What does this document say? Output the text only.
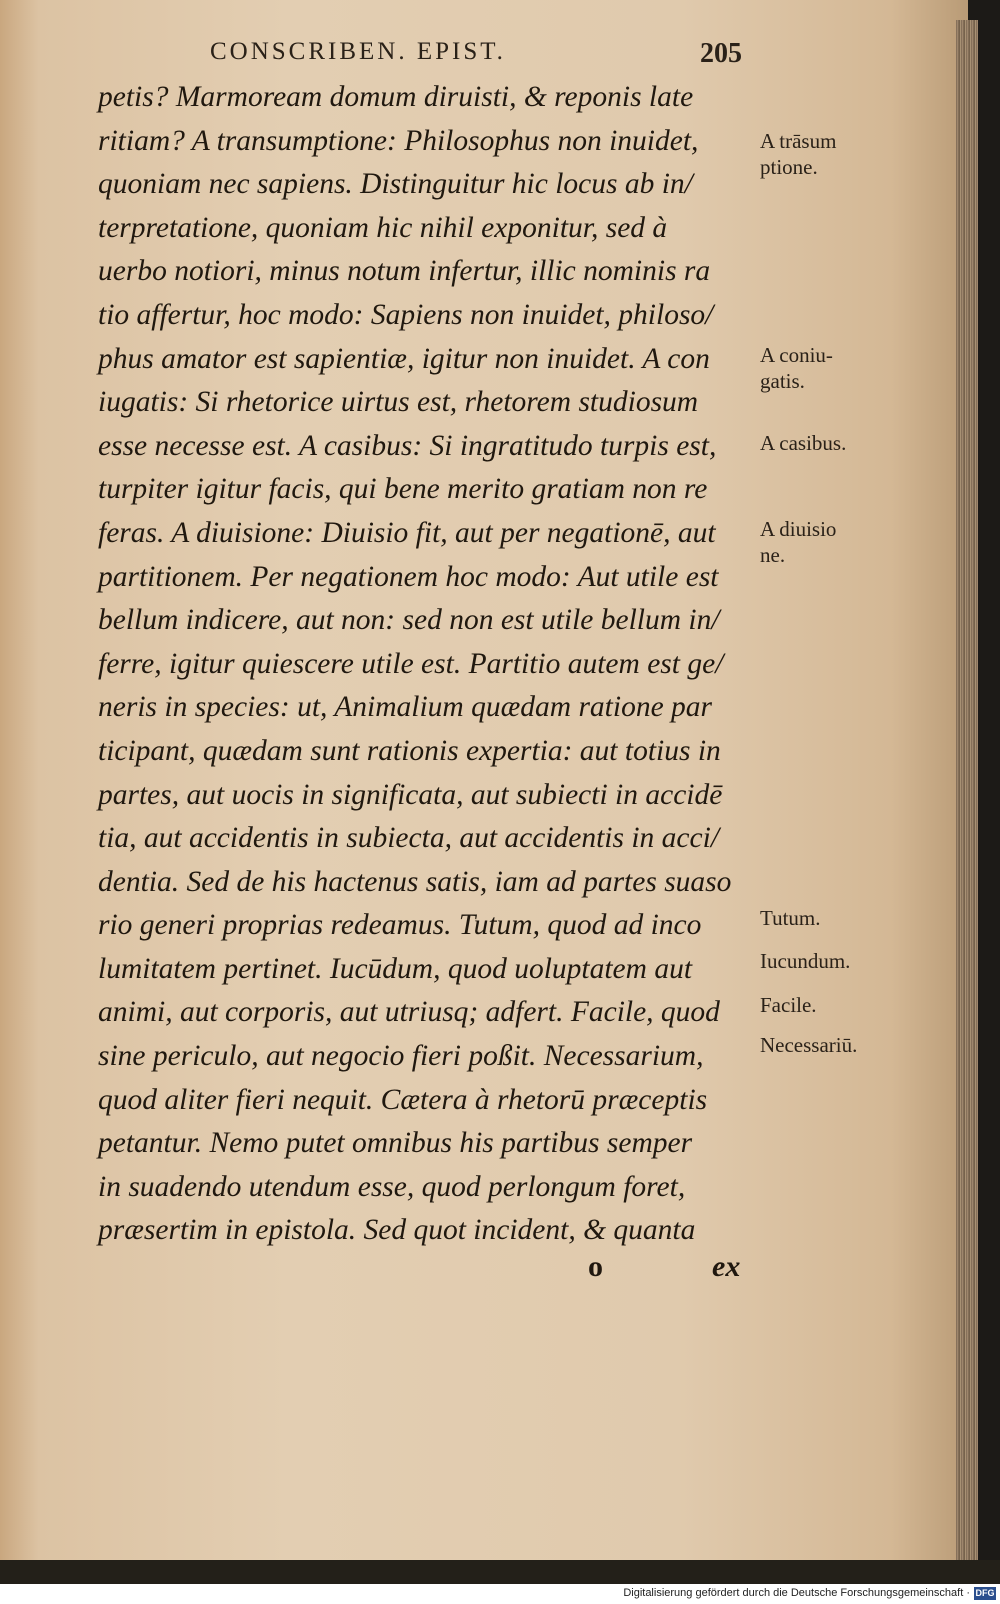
CONSCRIBEN. EPIST.	205
petis? Marmoream domum diruisti, & reponis late
ritiam? A transumptione: Philosophus non inuidet,
quoniam nec sapiens. Distinguitur hic locus ab in/
terpretatione, quoniam hic nihil exponitur, sed à
uerbo notiori, minus notum infertur, illic nominis ra
tio affertur, hoc modo: Sapiens non inuidet, philoso/
phus amator est sapientiæ, igitur non inuidet. A con
iugatis: Si rhetorice uirtus est, rhetorem studiosum
esse necesse est. A casibus: Si ingratitudo turpis est,
turpiter igitur facis, qui bene merito gratiam non re
feras. A diuisione: Diuisio fit, aut per negationē, aut
partitionem. Per negationem hoc modo: Aut utile est
bellum indicere, aut non: sed non est utile bellum in/
ferre, igitur quiescere utile est. Partitio autem est ge/
neris in species: ut, Animalium quædam ratione par
ticipant, quædam sunt rationis expertia: aut totius in
partes, aut uocis in significata, aut subiecti in accidē
tia, aut accidentis in subiecta, aut accidentis in acci/
dentia. Sed de his hactenus satis, iam ad partes suaso
rio generi proprias redeamus. Tutum, quod ad inco
lumitatem pertinet. Iucūdum, quod uoluptatem aut
animi, aut corporis, aut utriusq; adfert. Facile, quod
sine periculo, aut negocio fieri poßit. Necessarium,
quod aliter fieri nequit. Cætera à rhetorū præceptis
petantur. Nemo putet omnibus his partibus semper
in suadendo utendum esse, quod perlongum foret,
præsertim in epistola. Sed quot incident, & quanta
A trāsum
ptione.
A coniu-
gatis.
A casibus.
A diuisio
ne.
Tutum.
Iucundum.
Facile.
Necessariū.
o	ex
Digitalisierung gefördert durch die Deutsche Forschungsgemeinschaft · DFG
